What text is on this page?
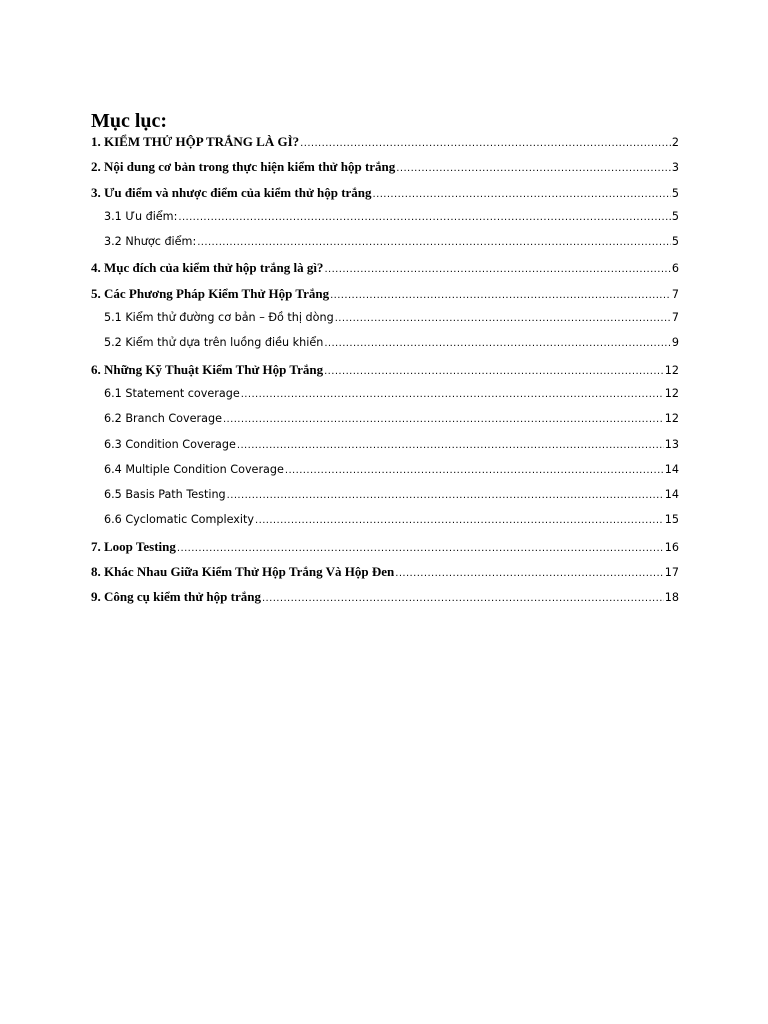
Mục lục:
1. KIỂM THỬ HỘP TRẮNG LÀ GÌ? .....	2
2. Nội dung cơ bản trong thực hiện kiểm thử hộp trắng .....	3
3. Ưu điểm và nhược điểm của kiểm thử hộp trắng .....	5
3.1 Ưu điểm: .....	5
3.2 Nhược điểm: .....	5
4. Mục đích của kiểm thử hộp trắng là gì? .....	6
5. Các Phương Pháp Kiểm Thử Hộp Trắng .....	7
5.1 Kiểm thử đường cơ bản – Đồ thị dòng .....	7
5.2 Kiểm thử dựa trên luồng điều khiển .....	9
6. Những Kỹ Thuật Kiểm Thử Hộp Trắng .....	12
6.1 Statement coverage .....	12
6.2 Branch Coverage .....	12
6.3 Condition Coverage .....	13
6.4 Multiple Condition Coverage .....	14
6.5 Basis Path Testing .....	14
6.6 Cyclomatic Complexity .....	15
7. Loop Testing .....	16
8. Khác Nhau Giữa Kiểm Thử Hộp Trắng Và Hộp Đen .....	17
9. Công cụ kiểm thử hộp trắng .....	18
